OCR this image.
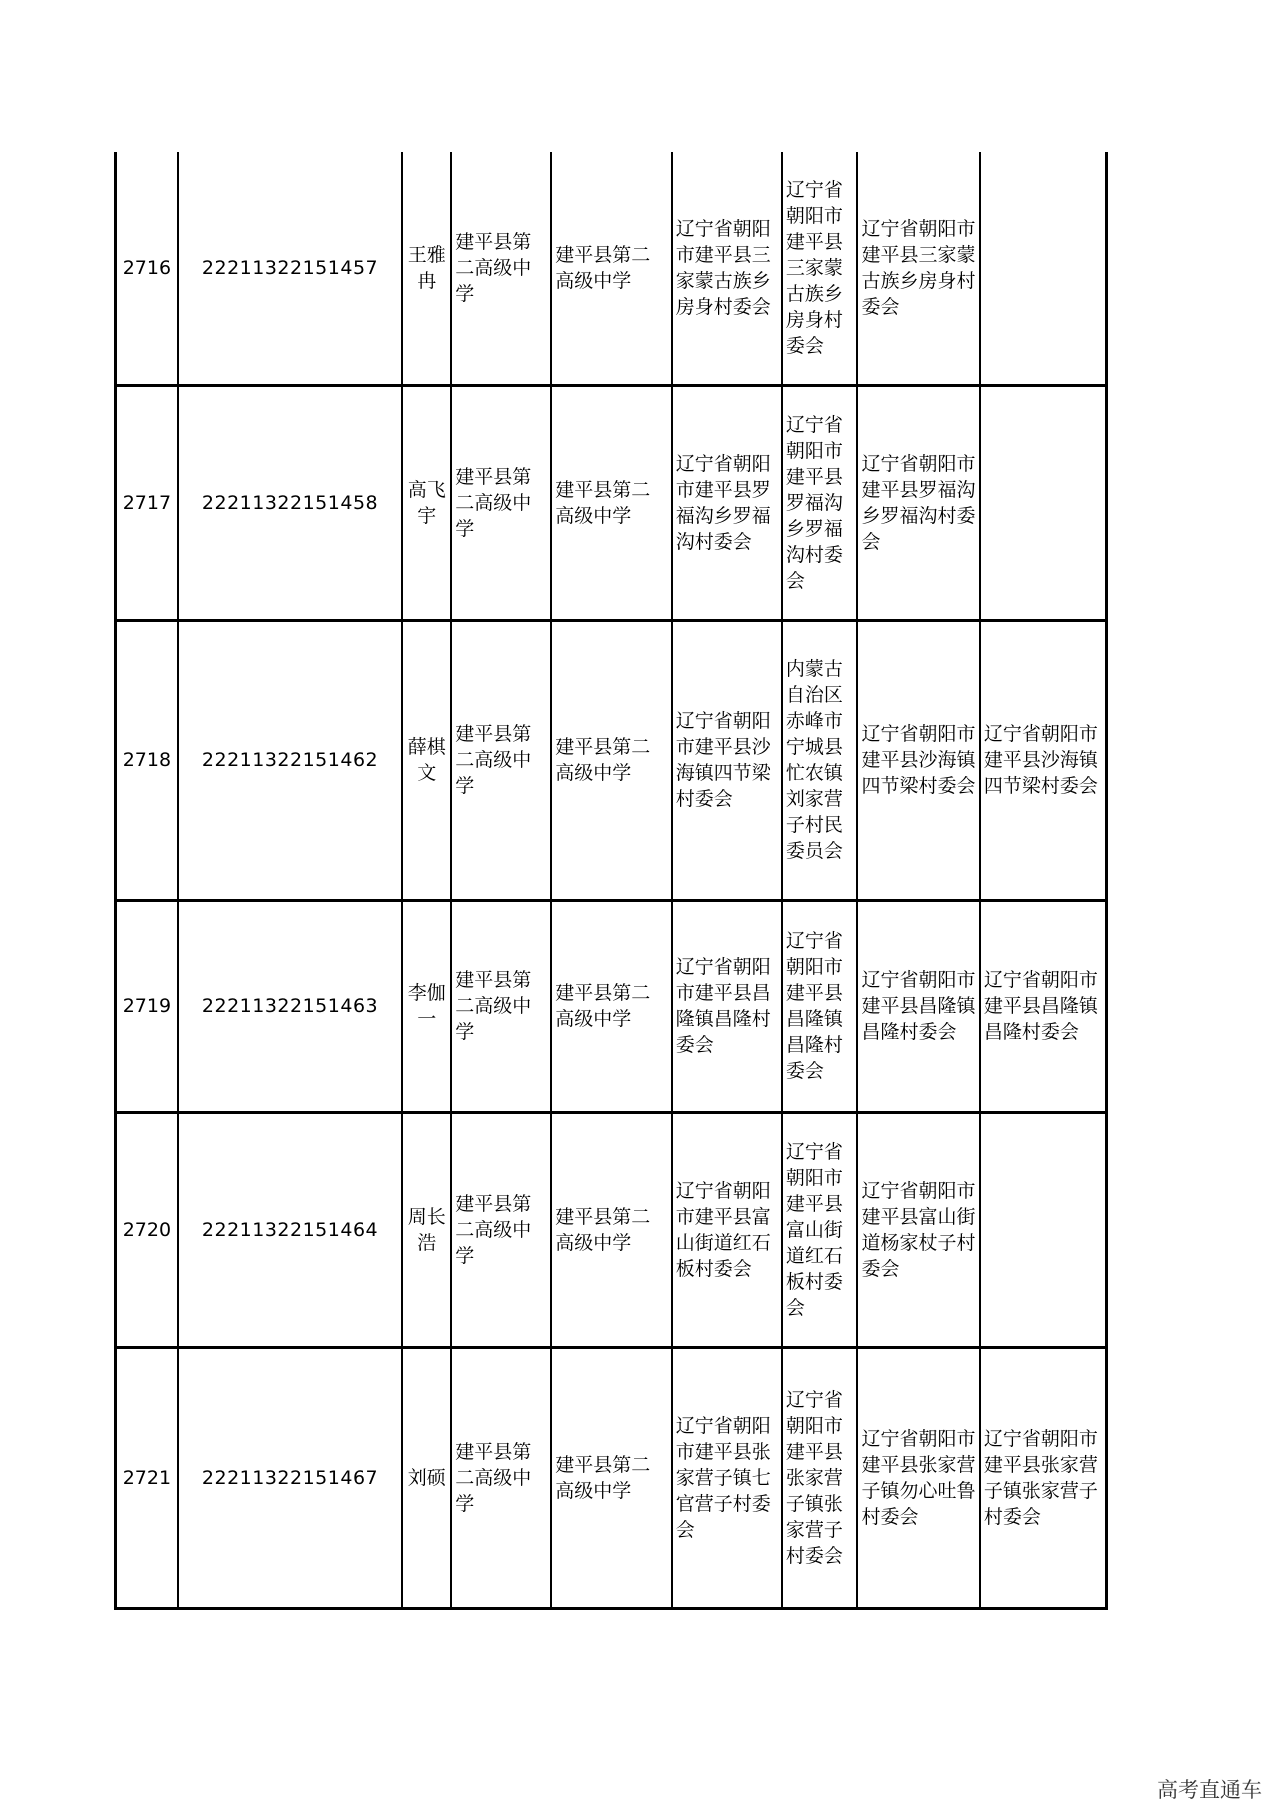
2716	22211322151457	王雅冉	建平县第二高级中学	建平县第二高级中学	辽宁省朝阳市建平县三家蒙古族乡房身村委会	辽宁省朝阳市建平县三家蒙古族乡房身村委会	辽宁省朝阳市建平县三家蒙古族乡房身村委会	
2717	22211322151458	高飞宇	建平县第二高级中学	建平县第二高级中学	辽宁省朝阳市建平县罗福沟乡罗福沟村委会	辽宁省朝阳市建平县罗福沟乡罗福沟村委会	辽宁省朝阳市建平县罗福沟乡罗福沟村委会	
2718	22211322151462	薛棋文	建平县第二高级中学	建平县第二高级中学	辽宁省朝阳市建平县沙海镇四节梁村委会	内蒙古自治区赤峰市宁城县忙农镇刘家营子村民委员会	辽宁省朝阳市建平县沙海镇四节梁村委会	辽宁省朝阳市建平县沙海镇四节梁村委会
2719	22211322151463	李伽一	建平县第二高级中学	建平县第二高级中学	辽宁省朝阳市建平县昌隆镇昌隆村委会	辽宁省朝阳市建平县昌隆镇昌隆村委会	辽宁省朝阳市建平县昌隆镇昌隆村委会	辽宁省朝阳市建平县昌隆镇昌隆村委会
2720	22211322151464	周长浩	建平县第二高级中学	建平县第二高级中学	辽宁省朝阳市建平县富山街道红石板村委会	辽宁省朝阳市建平县富山街道红石板村委会	辽宁省朝阳市建平县富山街道杨家杖子村委会	
2721	22211322151467	刘硕	建平县第二高级中学	建平县第二高级中学	辽宁省朝阳市建平县张家营子镇七官营子村委会	辽宁省朝阳市建平县张家营子镇张家营子村委会	辽宁省朝阳市建平县张家营子镇勿心吐鲁村委会	辽宁省朝阳市建平县张家营子镇张家营子村委会
高考直通车
